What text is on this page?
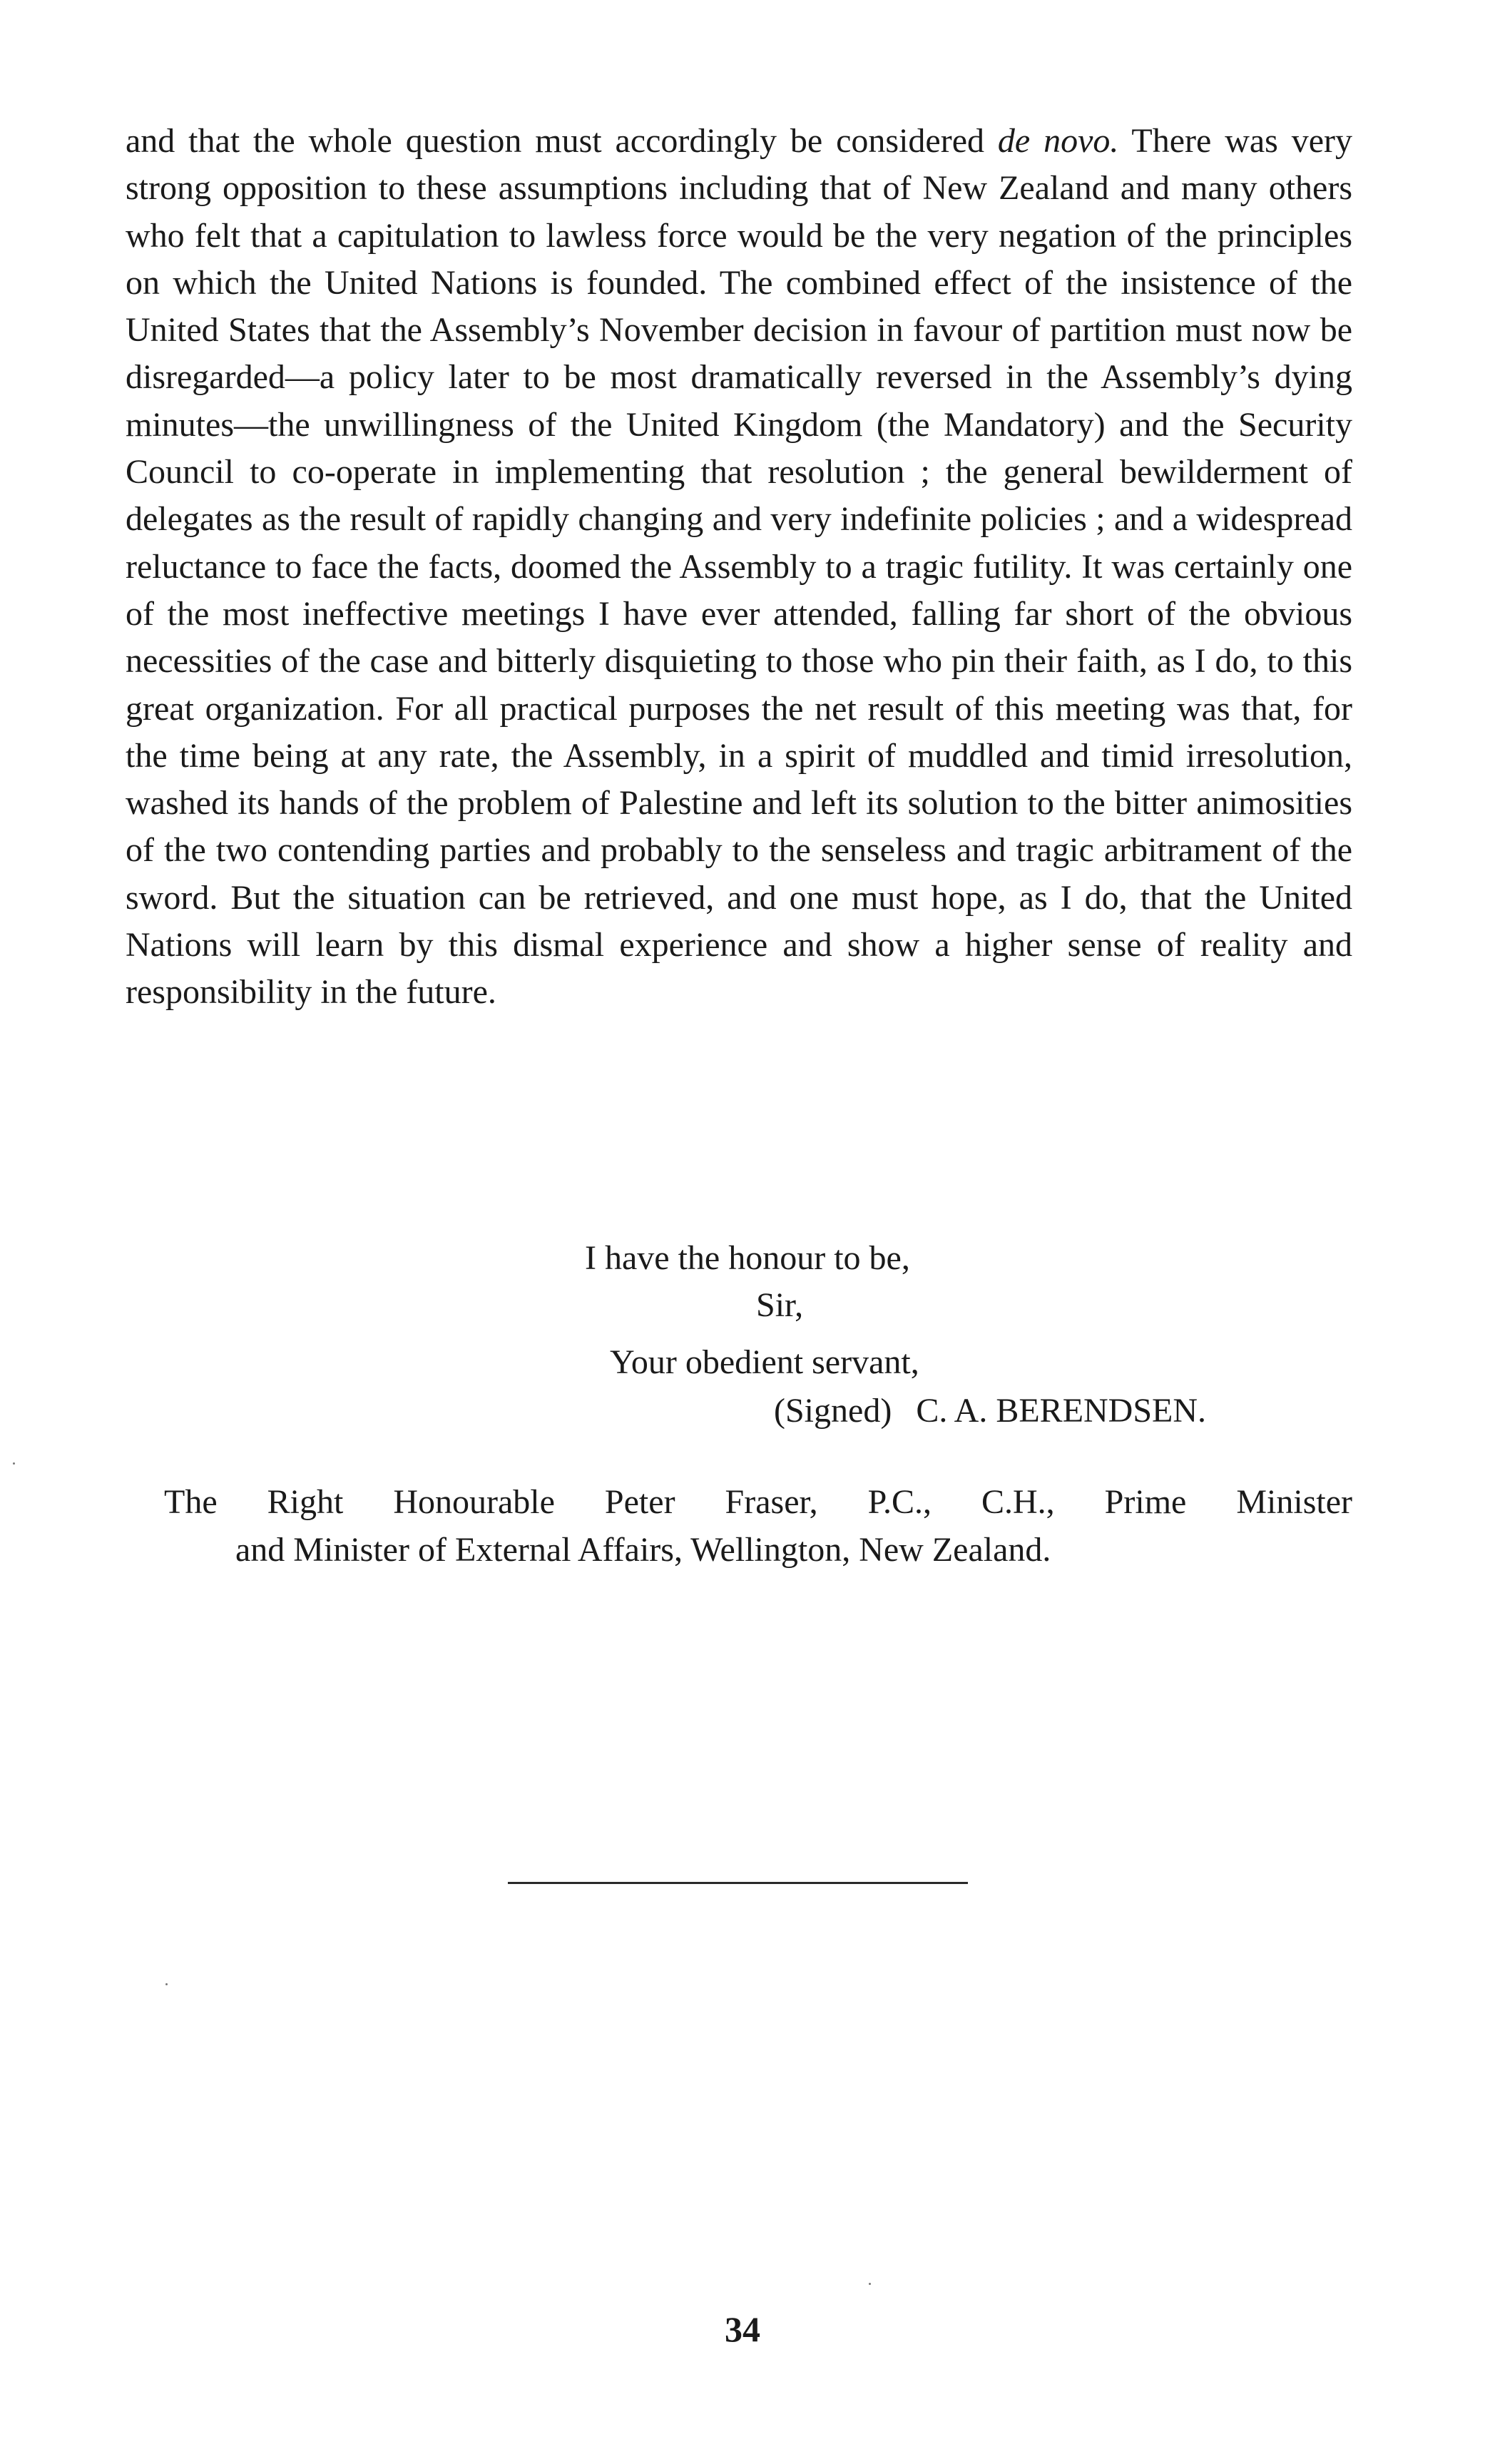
and that the whole question must accordingly be considered de novo. There was very strong opposition to these assumptions including that of New Zealand and many others who felt that a capitulation to lawless force would be the very negation of the principles on which the United Nations is founded. The combined effect of the insistence of the United States that the Assembly’s November decision in favour of partition must now be disregarded—a policy later to be most dramatically reversed in the Assembly’s dying minutes—the unwillingness of the United Kingdom (the Mandatory) and the Security Council to co-operate in implementing that resolution ; the general bewilderment of delegates as the result of rapidly changing and very indefinite policies ; and a widespread reluctance to face the facts, doomed the Assembly to a tragic futility. It was certainly one of the most ineffective meetings I have ever attended, falling far short of the obvious necessities of the case and bitterly disquieting to those who pin their faith, as I do, to this great organization. For all practical purposes the net result of this meeting was that, for the time being at any rate, the Assembly, in a spirit of muddled and timid irresolution, washed its hands of the problem of Palestine and left its solution to the bitter animosities of the two contending parties and probably to the senseless and tragic arbitrament of the sword. But the situation can be retrieved, and one must hope, as I do, that the United Nations will learn by this dismal experience and show a higher sense of reality and responsibility in the future.

I have the honour to be,
Sir,
Your obedient servant,
(Signed) C. A. BERENDSEN.
The Right Honourable Peter Fraser, P.C., C.H., Prime Minister
and Minister of External Affairs, Wellington, New Zealand.
34
